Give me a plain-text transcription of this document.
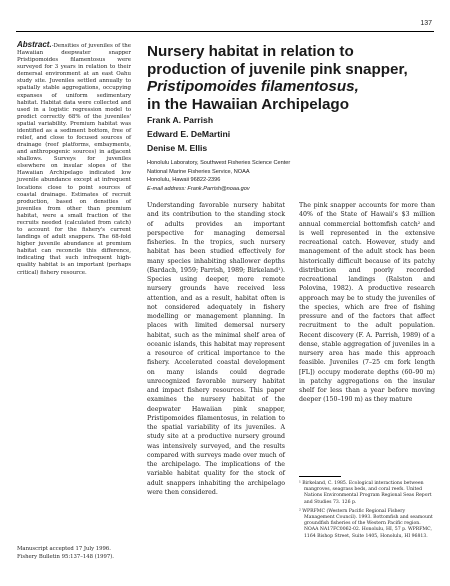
137
Abstract.-Densities of juveniles of the Hawaiian deepwater snapper Pristipomoides filamentosus were surveyed for 3 years in relation to their demersal environment at an east Oahu study site. Juveniles settled annually to spatially stable aggregations, occupying expanses of uniform sedimentary habitat. Habitat data were collected and used in a logistic regression model to predict correctly 68% of the juveniles' spatial variability. Premium habitat was identified as a sediment bottom, free of relief, and close to focused sources of drainage (reef platforms, embayments, and anthropogenic sources) in adjacent shallows. Surveys for juveniles elsewhere on insular slopes of the Hawaiian Archipelago indicated low juvenile abundance except at infrequent locations close to point sources of coastal drainage. Estimates of recruit production, based on densities of juveniles from other than premium habitat, were a small fraction of the recruits needed (calculated from catch) to account for the fishery's current landings of adult snappers. The 68-fold higher juvenile abundance at premium habitat can reconcile this difference, indicating that such infrequent high-quality habitat is an important (perhaps critical) fishery resource.
Manuscript accepted 17 July 1996.
Fishery Bulletin 95:137–148 (1997).
Nursery habitat in relation to
production of juvenile pink snapper,
Pristipomoides filamentosus,
in the Hawaiian Archipelago
Frank A. Parrish
Edward E. DeMartini
Denise M. Ellis
Honolulu Laboratory, Southwest Fisheries Science Center
National Marine Fisheries Service, NOAA
Honolulu, Hawaii 96822-2396
E-mail address: Frank.Parrish@noaa.gov
Understanding favorable nursery habitat and its contribution to the standing stock of adults provides an important perspective for managing demersal fisheries. In the tropics, such nursery habitat has been studied effectively for many species inhabiting shallower depths (Bardach, 1959; Parrish, 1989; Birkeland¹). Species using deeper, more remote nursery grounds have received less attention, and as a result, habitat often is not considered adequately in fishery modelling or management planning. In places with limited demersal nursery habitat, such as the minimal shelf area of oceanic islands, this habitat may represent a resource of critical importance to the fishery. Accelerated coastal development on many islands could degrade unrecognized favorable nursery habitat and impact fishery resources. This paper examines the nursery habitat of the deepwater Hawaiian pink snapper, Pristipomoides filamentosus, in relation to the spatial variability of its juveniles. A study site at a productive nursery ground was intensively surveyed, and the results compared with surveys made over much of the archipelago. The implications of the variable habitat quality for the stock of adult snappers inhabiting the archipelago were then considered.
The pink snapper accounts for more than 40% of the State of Hawaii's $3 million annual commercial bottomfish catch² and is well represented in the extensive recreational catch. However, study and management of the adult stock has been historically difficult because of its patchy distribution and poorly recorded recreational landings (Ralston and Polovina, 1982). A productive research approach may be to study the juveniles of the species, which are free of fishing pressure and of the factors that affect recruitment to the adult population. Recent discovery (F. A. Parrish, 1989) of a dense, stable aggregation of juveniles in a nursery area has made this approach feasible. Juveniles (7–25 cm fork length [FL]) occupy moderate depths (60–90 m) in patchy aggregations on the insular shelf for less than a year before moving deeper (150–190 m) as they mature

¹ Birkeland, C. 1985. Ecological interactions between mangroves, seagrass beds, and coral reefs. United Nations Environmental Program Regional Seas Report and Studies 73. 126 p.

² WPRFMC (Western Pacific Regional Fishery Management Council). 1993. Bottomfish and seamount groundfish fisheries of the Western Pacific region. NOAA NA17FC0062-02. Honolulu, HI, 57 p. WPRFMC, 1164 Bishop Street, Suite 1405, Honolulu, HI 96813.
